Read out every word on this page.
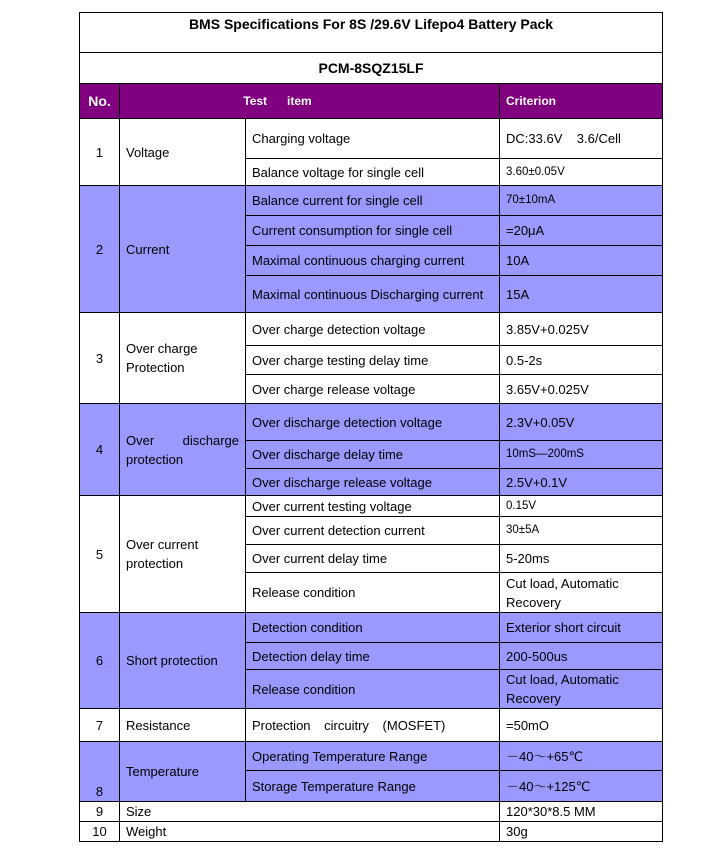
BMS Specifications For 8S /29.6V Lifepo4 Battery Pack			
PCM-8SQZ15LF			
No.	Test      item		Criterion
1	Voltage	Charging voltage	DC:33.6V    3.6/Cell
		Balance voltage for single cell	3.60±0.05V
2	Current	Balance current for single cell	70±10mA
		Current consumption for single cell	=20μA
		Maximal continuous charging current	10A
		Maximal continuous Discharging current	15A
3	Over charge Protection	Over charge detection voltage	3.85V+0.025V
		Over charge testing delay time	0.5-2s
		Over charge release voltage	3.65V+0.025V
4	Over discharge protection	Over discharge detection voltage	2.3V+0.05V
		Over discharge delay time	10mS—200mS
		Over discharge release voltage	2.5V+0.1V
5	Over current protection	Over current testing voltage	0.15V
		Over current detection current	30±5A
		Over current delay time	5-20ms
		Release condition	Cut load, Automatic Recovery
6	Short protection	Detection condition	Exterior short circuit
		Detection delay time	200-500us
		Release condition	Cut load, Automatic Recovery
7	Resistance	Protection circuitry (MOSFET)	=50mO
8	Temperature	Operating Temperature Range	－40～+65℃
		Storage Temperature Range	－40～+125℃
9	Size		120*30*8.5 MM
10	Weight		30g
